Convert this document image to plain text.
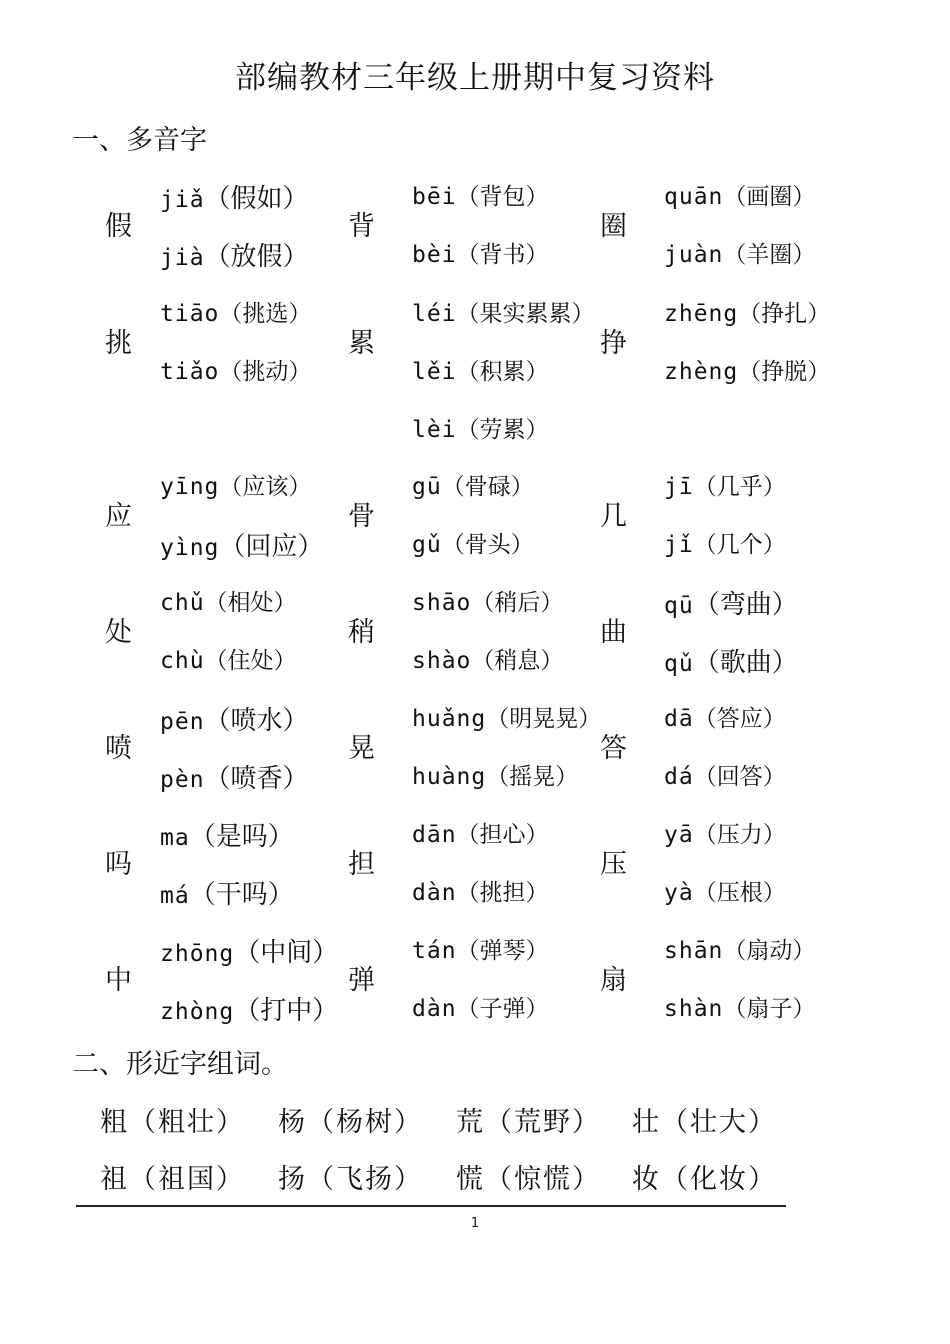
部编教材三年级上册期中复习资料
一、多音字
假
jiǎ（假如）
jià（放假）
背
bēi（背包）
bèi（背书）
圈
quān（画圈）
juàn（羊圈）
挑
tiāo（挑选）
tiǎo（挑动）
累
léi（果实累累）
lěi（积累）
lèi（劳累）
挣
zhēng（挣扎）
zhèng（挣脱）
应
yīng（应该）
yìng（回应）
骨
gū（骨碌）
gǔ（骨头）
几
jī（几乎）
jǐ（几个）
处
chǔ（相处）
chù（住处）
稍
shāo（稍后）
shào（稍息）
曲
qū（弯曲）
qǔ（歌曲）
喷
pēn（喷水）
pèn（喷香）
晃
huǎng（明晃晃）
huàng（摇晃）
答
dā（答应）
dá（回答）
吗
ma（是吗）
má（干吗）
担
dān（担心）
dàn（挑担）
压
yā（压力）
yà（压根）
中
zhōng（中间）
zhòng（打中）
弹
tán（弹琴）
dàn（子弹）
扇
shān（扇动）
shàn（扇子）
二、形近字组词。
粗（粗壮） 杨（杨树） 荒（荒野） 壮（壮大）
祖（祖国） 扬（飞扬） 慌（惊慌） 妆（化妆）
1
